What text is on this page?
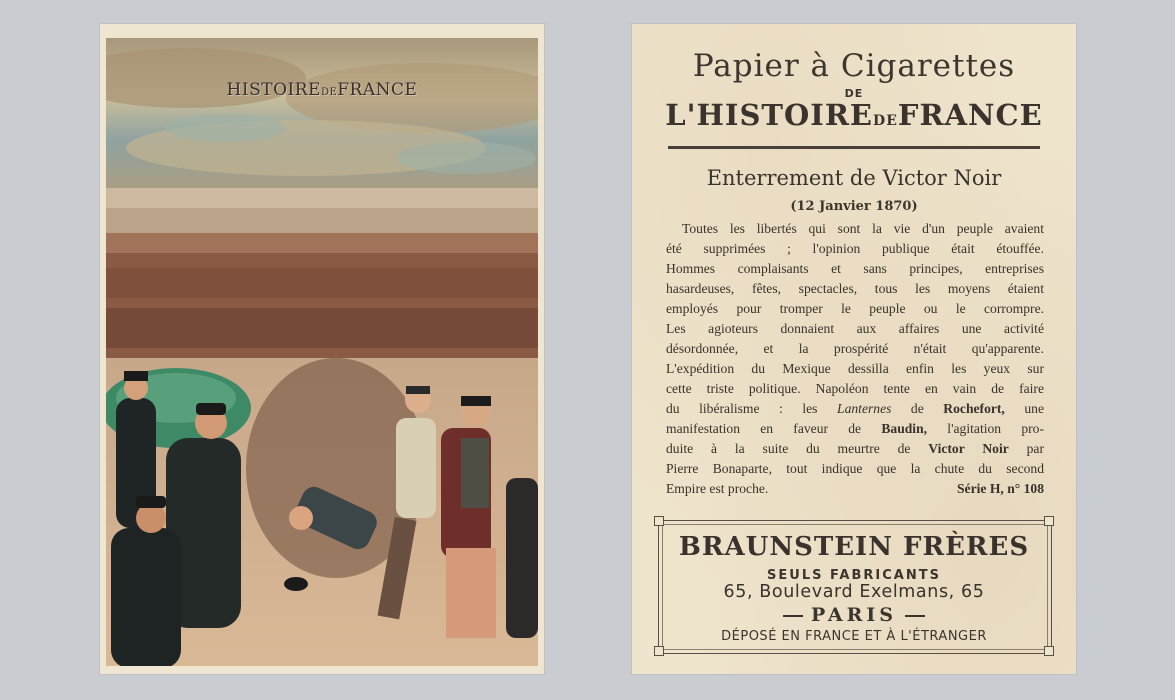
HISTOIREDEFRANCE
Papier à Cigarettes
DE
L'HISTOIREDEFRANCE
Enterrement de Victor Noir
(12 Janvier 1870)
Toutes les libertés qui sont la vie d'un peuple avaient
été supprimées ; l'opinion publique était étouffée.
Hommes complaisants et sans principes, entreprises
hasardeuses, fêtes, spectacles, tous les moyens étaient
employés pour tromper le peuple ou le corrompre.
Les agioteurs donnaient aux affaires une activité
désordonnée, et la prospérité n'était qu'apparente.
L'expédition du Mexique dessilla enfin les yeux sur
cette triste politique. Napoléon tente en vain de faire
du libéralisme : les Lanternes de Rochefort, une
manifestation en faveur de Baudin, l'agitation pro-
duite à la suite du meurtre de Victor Noir par
Pierre Bonaparte, tout indique que la chute du second
Empire est proche.	Série H, n° 108
BRAUNSTEIN FRÈRES
SEULS FABRICANTS
65, Boulevard Exelmans, 65
PARIS
DÉPOSÉ EN FRANCE ET À L'ÉTRANGER
